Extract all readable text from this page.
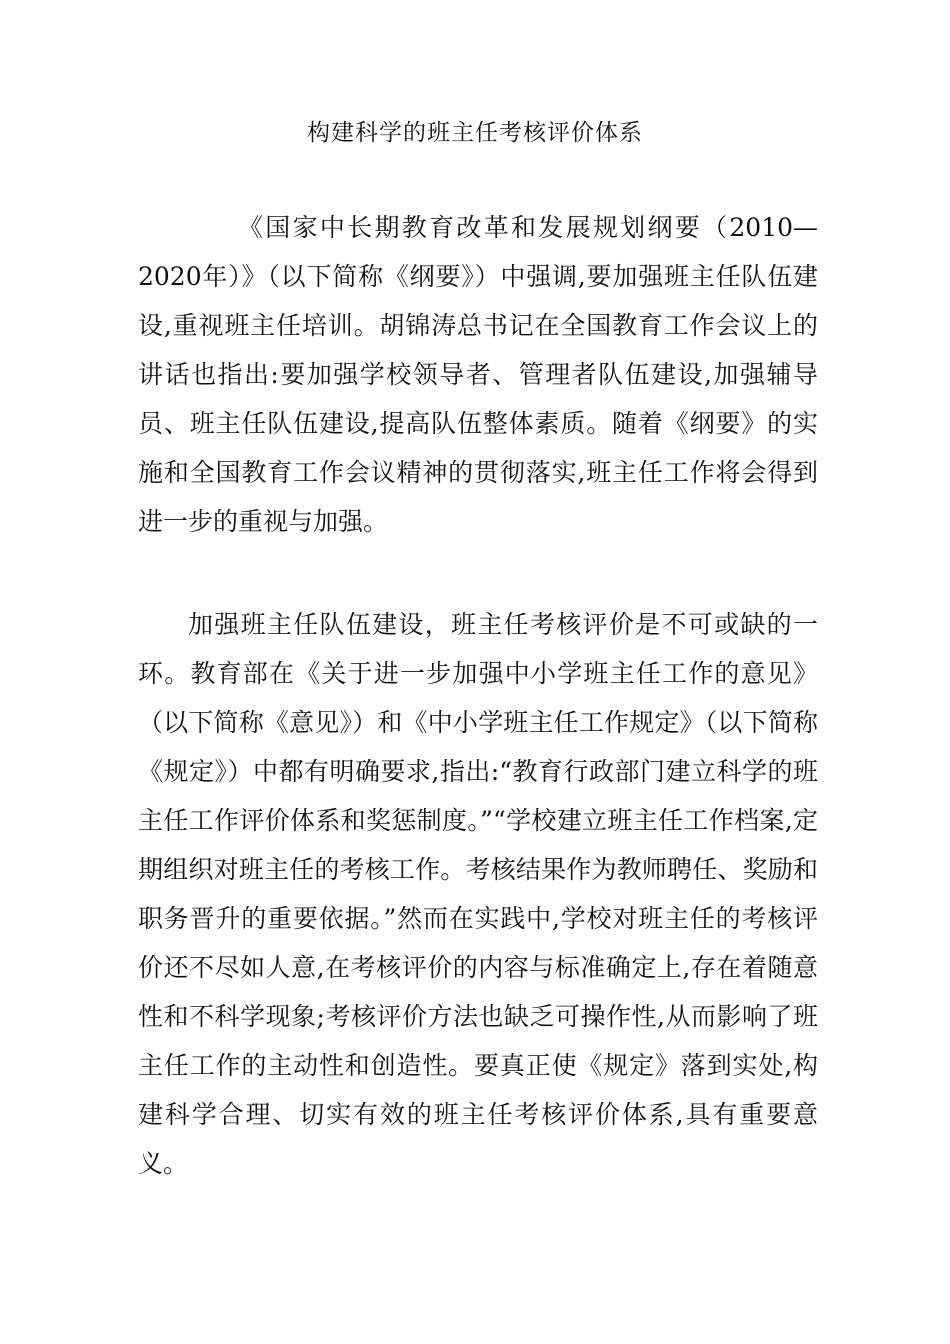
构建科学的班主任考核评价体系

《国家中长期教育改革和发展规划纲要（2010—2020年）》（以下简称《纲要》）中强调,要加强班主任队伍建设,重视班主任培训。胡锦涛总书记在全国教育工作会议上的讲话也指出:要加强学校领导者、管理者队伍建设,加强辅导员、班主任队伍建设,提高队伍整体素质。随着《纲要》的实施和全国教育工作会议精神的贯彻落实,班主任工作将会得到进一步的重视与加强。

加强班主任队伍建设，班主任考核评价是不可或缺的一环。教育部在《关于进一步加强中小学班主任工作的意见》（以下简称《意见》）和《中小学班主任工作规定》（以下简称《规定》）中都有明确要求,指出:“教育行政部门建立科学的班主任工作评价体系和奖惩制度。”“学校建立班主任工作档案,定期组织对班主任的考核工作。考核结果作为教师聘任、奖励和职务晋升的重要依据。”然而在实践中,学校对班主任的考核评价还不尽如人意,在考核评价的内容与标准确定上,存在着随意性和不科学现象;考核评价方法也缺乏可操作性,从而影响了班主任工作的主动性和创造性。要真正使《规定》落到实处,构建科学合理、切实有效的班主任考核评价体系,具有重要意义。
